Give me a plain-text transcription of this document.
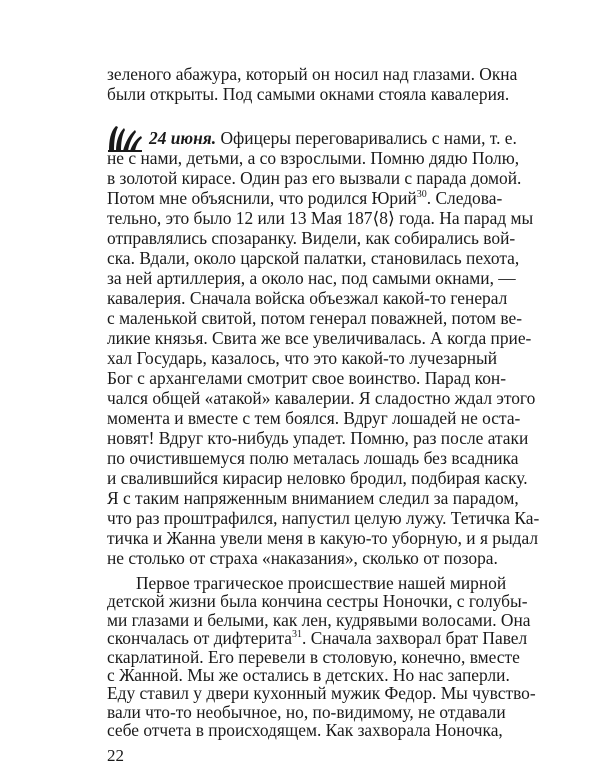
зеленого абажура, который он носил над глазами. Окна
были открыты. Под самыми окнами стояла кавалерия.
24 июня. Офицеры переговаривались с нами, т. е.
не с нами, детьми, а со взрослыми. Помню дядю Полю,
в золотой кирасе. Один раз его вызвали с парада домой.
Потом мне объяснили, что родился Юрий$^{30}$. Следова-
тельно, это было 12 или 13 Мая 187⟨8⟩ года. На парад мы
отправлялись спозаранку. Видели, как собирались вой-
ска. Вдали, около царской палатки, становилась пехота,
за ней артиллерия, а около нас, под самыми окнами, —
кавалерия. Сначала войска объезжал какой-то генерал
с маленькой свитой, потом генерал поважней, потом ве-
ликие князья. Свита же все увеличивалась. А когда прие-
хал Государь, казалось, что это какой-то лучезарный
Бог с архангелами смотрит свое воинство. Парад кон-
чался общей «атакой» кавалерии. Я сладостно ждал этого
момента и вместе с тем боялся. Вдруг лошадей не оста-
новят! Вдруг кто-нибудь упадет. Помню, раз после атаки
по очистившемуся полю металась лошадь без всадника
и свалившийся кирасир неловко бродил, подбирая каску.
Я с таким напряженным вниманием следил за парадом,
что раз проштрафился, напустил целую лужу. Тетичка Ка-
тичка и Жанна увели меня в какую-то уборную, и я рыдал
не столько от страха «наказания», сколько от позора.
Первое трагическое происшествие нашей мирной
детской жизни была кончина сестры Ноночки, с голубы-
ми глазами и белыми, как лен, кудрявыми волосами. Она
скончалась от дифтерита$^{31}$. Сначала захворал брат Павел
скарлатиной. Его перевели в столовую, конечно, вместе
с Жанной. Мы же остались в детских. Но нас заперли.
Еду ставил у двери кухонный мужик Федор. Мы чувство-
22
вали что-то необычное, но, по-видимому, не отдавали
себе отчета в происходящем. Как захворала Ноночка,
